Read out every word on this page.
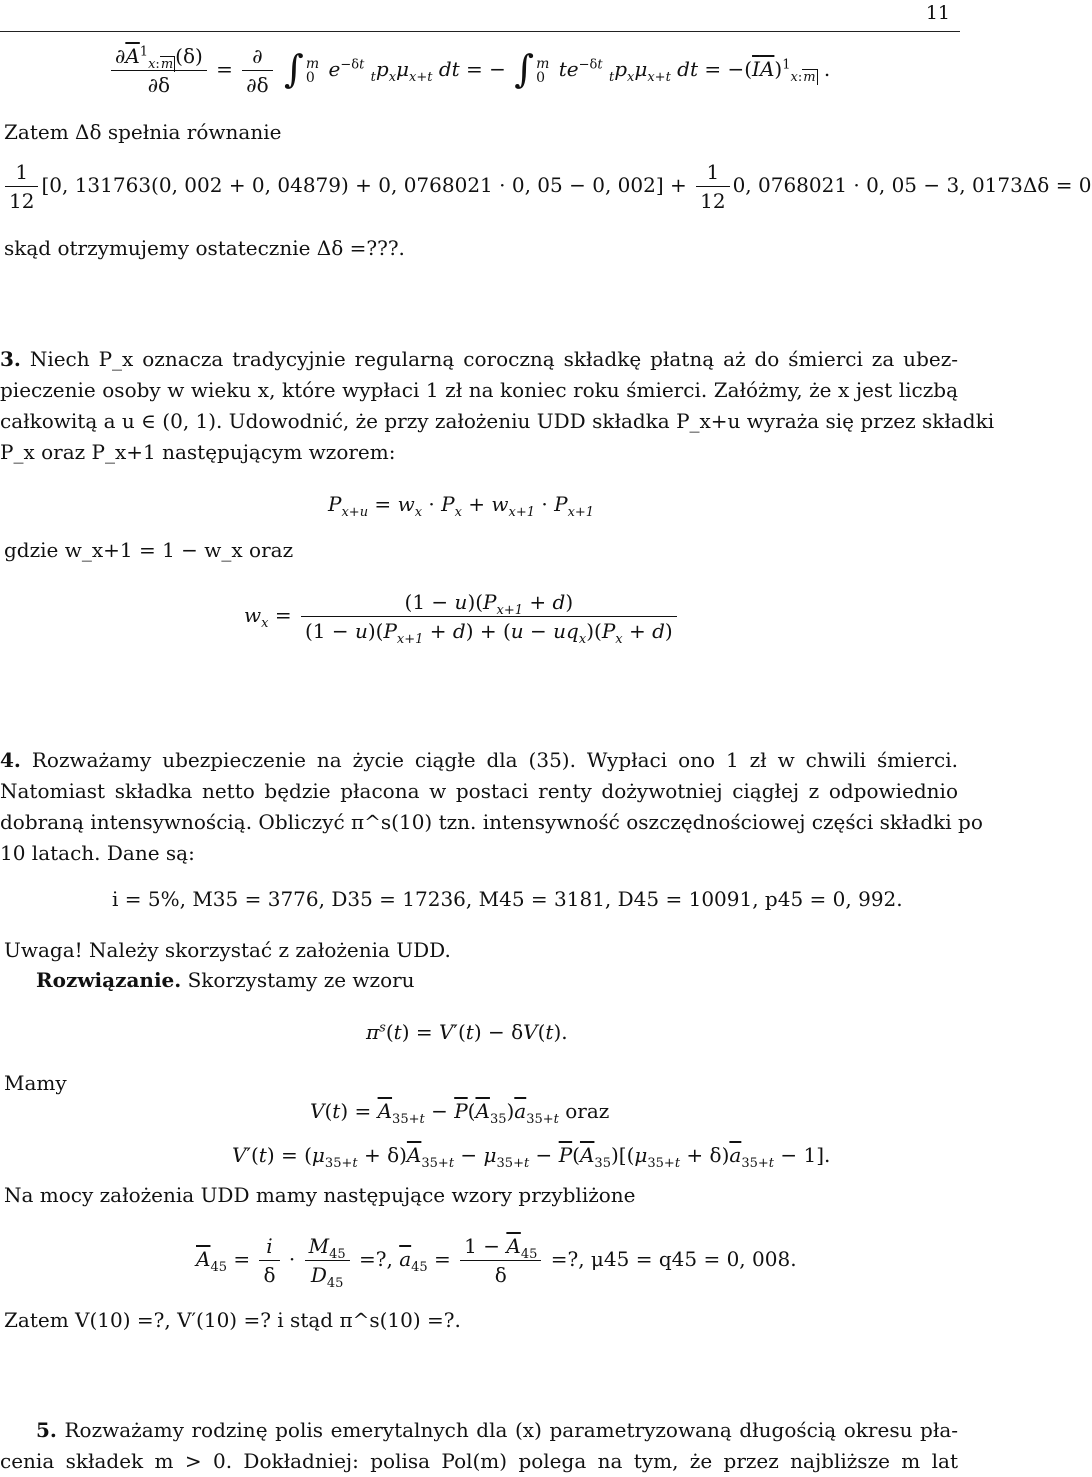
11
$\frac{\partial\overline{A}^1_{x:m} (\delta)}{\partial\delta} = \frac{\partial}{\partial\delta}$ ∫ m
0 $e^{-\delta t}$ $_tp_x\mu_{x+t}$ dt = − ∫ m
0 $te^{-\delta t}$ $_tp_x\mu_{x+t}$ dt = $-(\overline{I}\overline{A})^1_{x:m}$ .
Zatem Δδ spełnia równanie
$\frac{1}{12} [0$, 131763(0, 002 + 0, 04879) + 0, 0768021 · 0, 05 − 0, $002] + \frac{1}{12} 0$, 0768021 · 0, 05 − 3, 0173Δδ = 0
skąd otrzymujemy ostatecznie Δδ =???.
3. Niech P_x oznacza tradycyjnie regularną coroczną składkę płatną aż do śmierci za ubez-
pieczenie osoby w wieku x, które wypłaci 1 zł na koniec roku śmierci. Załóżmy, że x jest liczbą
całkowitą a u ∈ (0, 1). Udowodnić, że przy założeniu UDD składka P_x+u wyraża się przez składki
P_x oraz P_x+1 następującym wzorem:
$P_{x+u} = w_x \cdot P_x + w_{x+1} \cdot P_{x+1}$
gdzie w_x+1 = 1 − w_x oraz
$w_x = \frac{(1 - u)(P_{x+1} + d)}{(1 - u)(P_{x+1} + d) + (u - uq_x)(P_x + d)}$
4. Rozważamy ubezpieczenie na życie ciągłe dla (35). Wypłaci ono 1 zł w chwili śmierci.
Natomiast składka netto będzie płacona w postaci renty dożywotniej ciągłej z odpowiednio
dobraną intensywnością. Obliczyć π^s(10) tzn. intensywność oszczędnościowej części składki po
10 latach. Dane są:
i = 5%, M35 = 3776, D35 = 17236, M45 = 3181, D45 = 10091, p45 = 0, 992.
Uwaga! Należy skorzystać z założenia UDD.
Rozwiązanie. Skorzystamy ze wzoru
$\pi^s(t) = V'(t) - \delta V(t)$.
Mamy
$V(t) = \overline{A}_{35+t} - \overline{P}(\overline{A}_{35})\overline{a}_{35+t}$ oraz
$V'(t) = (\mu_{35+t} + \delta)\overline{A}_{35+t} - \mu_{35+t} - \overline{P}(\overline{A}_{35})[(\mu_{35+t} + \delta)\overline{a}_{35+t} - 1]$.
Na mocy założenia UDD mamy następujące wzory przybliżone
$\overline{A}_{45} = \frac{i}{\delta} \cdot \frac{M_{45}}{D_{45}}$ =?, $\overline{a}_{45} = \frac{1 - \overline{A}_{45}}{\delta}$ =?, μ45 = q45 = 0, 008.
Zatem V(10) =?, V′(10) =? i stąd π^s(10) =?.
5. Rozważamy rodzinę polis emerytalnych dla (x) parametryzowaną długością okresu pła-
cenia składek m > 0. Dokładniej: polisa Pol(m) polega na tym, że przez najbliższe m lat
